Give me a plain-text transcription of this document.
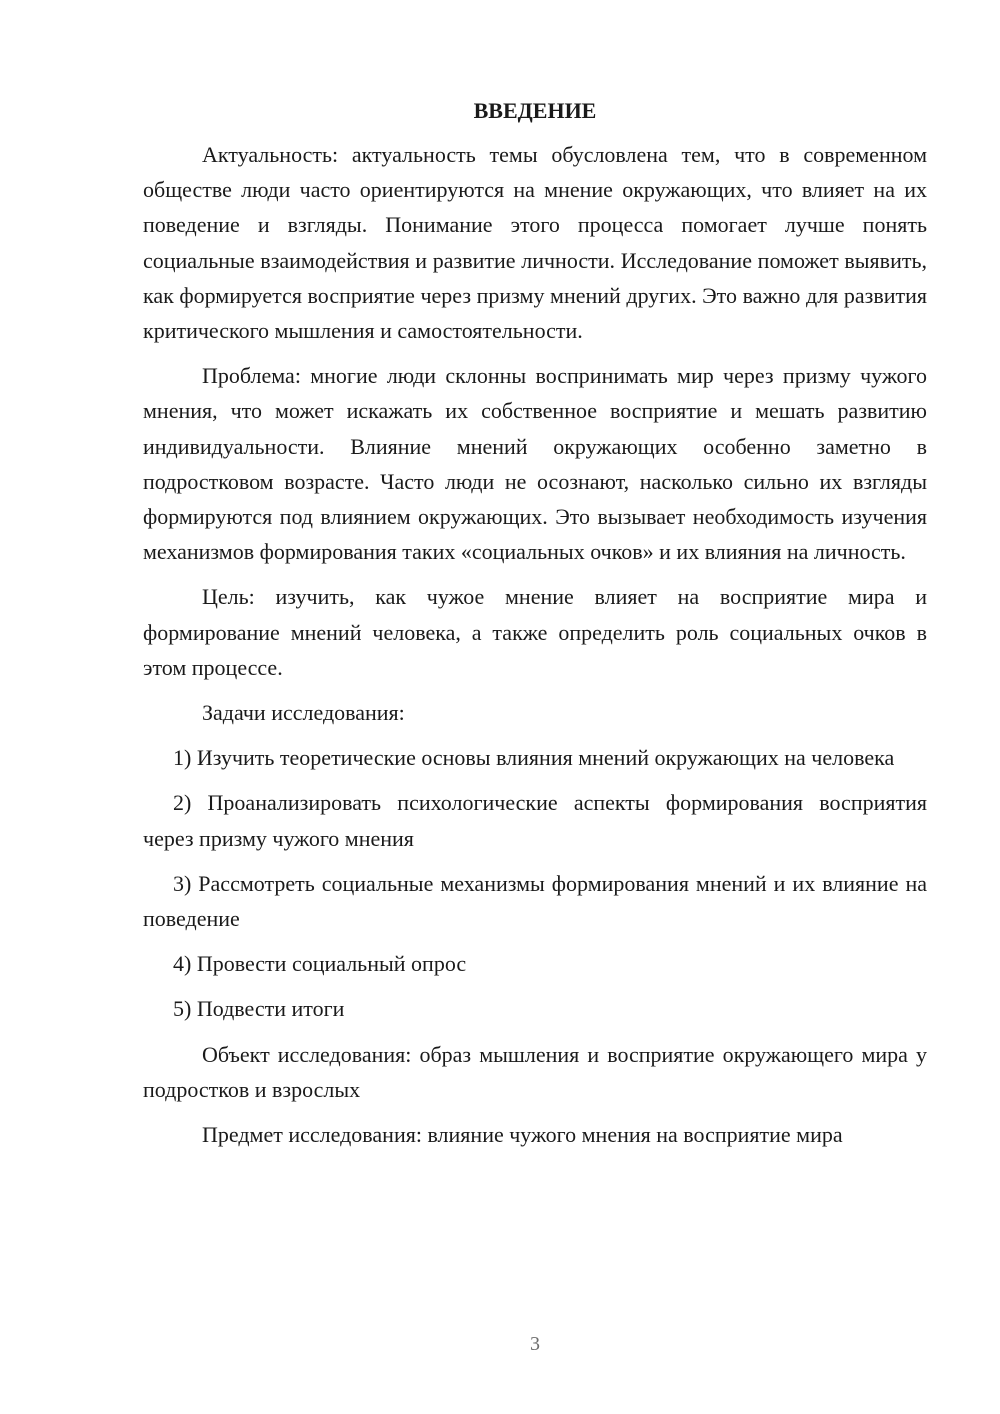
ВВЕДЕНИЕ

Актуальность: актуальность темы обусловлена тем, что в современном обществе люди часто ориентируются на мнение окружающих, что влияет на их поведение и взгляды. Понимание этого процесса помогает лучше понять социальные взаимодействия и развитие личности. Исследование поможет выявить, как формируется восприятие через призму мнений других. Это важно для развития критического мышления и самостоятельности.

Проблема: многие люди склонны воспринимать мир через призму чужого мнения, что может искажать их собственное восприятие и мешать развитию индивидуальности. Влияние мнений окружающих особенно заметно в подростковом возрасте. Часто люди не осознают, насколько сильно их взгляды формируются под влиянием окружающих. Это вызывает необходимость изучения механизмов формирования таких «социальных очков» и их влияния на личность.

Цель: изучить, как чужое мнение влияет на восприятие мира и формирование мнений человека, а также определить роль социальных очков в этом процессе.

Задачи исследования:

1) Изучить теоретические основы влияния мнений окружающих на человека

2) Проанализировать психологические аспекты формирования восприятия через призму чужого мнения

3) Рассмотреть социальные механизмы формирования мнений и их влияние на поведение

4) Провести социальный опрос

5) Подвести итоги

Объект исследования: образ мышления и восприятие окружающего мира у подростков и взрослых

Предмет исследования: влияние чужого мнения на восприятие мира

3
